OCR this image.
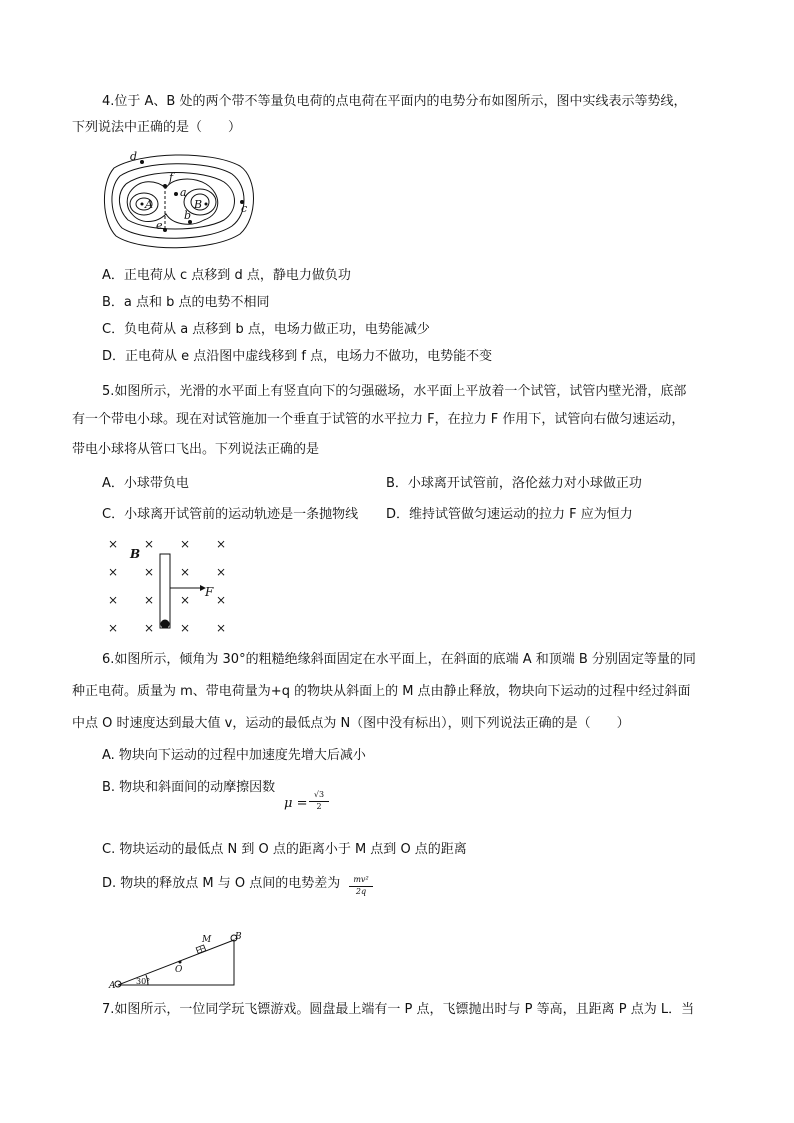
4.位于 A、B 处的两个带不等量负电荷的点电荷在平面内的电势分布如图所示，图中实线表示等势线，
下列说法中正确的是（　　）
d
f
a
A	B
b
e
c
A．正电荷从 c 点移到 d 点，静电力做负功
B．a 点和 b 点的电势不相同
C．负电荷从 a 点移到 b 点，电场力做正功，电势能减少
D．正电荷从 e 点沿图中虚线移到 f 点，电场力不做功，电势能不变
5.如图所示，光滑的水平面上有竖直向下的匀强磁场，水平面上平放着一个试管，试管内壁光滑，底部
有一个带电小球。现在对试管施加一个垂直于试管的水平拉力 F，在拉力 F 作用下，试管向右做匀速运动，
带电小球将从管口飞出。下列说法正确的是
A．小球带负电	B．小球离开试管前，洛伦兹力对小球做正功
C．小球离开试管前的运动轨迹是一条抛物线 D．维持试管做匀速运动的拉力 F 应为恒力
× × × ×
× × × ×
× × × ×
× × × ×
B
F
6.如图所示，倾角为 30°的粗糙绝缘斜面固定在水平面上，在斜面的底端 A 和顶端 B 分别固定等量的同
种正电荷。质量为 m、带电荷量为+q 的物块从斜面上的 M 点由静止释放，物块向下运动的过程中经过斜面
中点 O 时速度达到最大值 v，运动的最低点为 N（图中没有标出），则下列说法正确的是（　　）
A. 物块向下运动的过程中加速度先增大后减小
B. 物块和斜面间的动摩擦因数
μ =
√3
2
C. 物块运动的最低点 N 到 O 点的距离小于 M 点到 O 点的距离
D. 物块的释放点 M 与 O 点间的电势差为	mv²
2q
A
B
M
O
30°
7.如图所示，一位同学玩飞镖游戏。圆盘最上端有一 P 点，飞镖抛出时与 P 等高，且距离 P 点为 L．当
